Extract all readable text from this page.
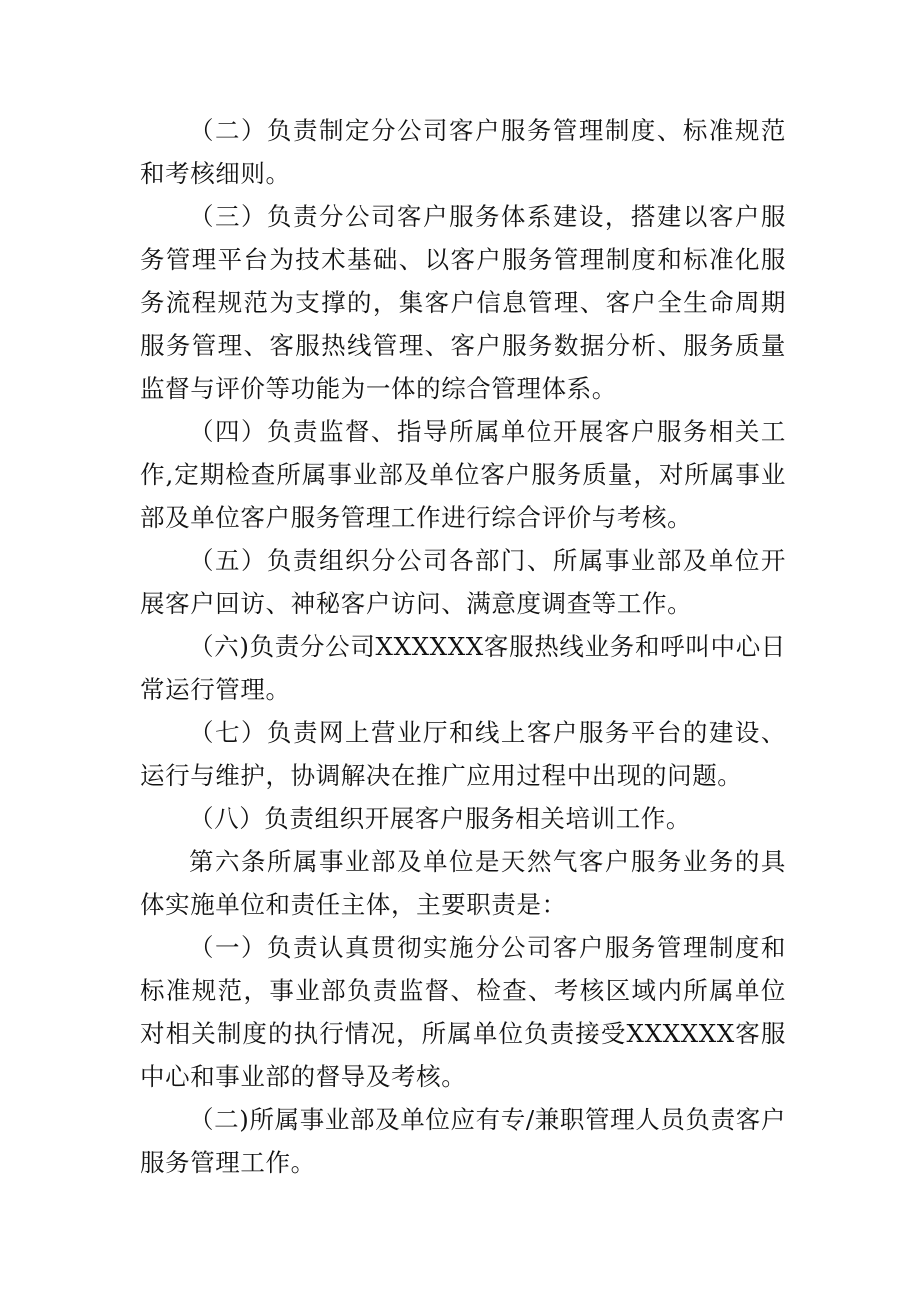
（二）负责制定分公司客户服务管理制度、标准规范和考核细则。

（三）负责分公司客户服务体系建设，搭建以客户服务管理平台为技术基础、以客户服务管理制度和标准化服务流程规范为支撑的，集客户信息管理、客户全生命周期服务管理、客服热线管理、客户服务数据分析、服务质量监督与评价等功能为一体的综合管理体系。

（四）负责监督、指导所属单位开展客户服务相关工作,定期检查所属事业部及单位客户服务质量，对所属事业部及单位客户服务管理工作进行综合评价与考核。

（五）负责组织分公司各部门、所属事业部及单位开展客户回访、神秘客户访问、满意度调查等工作。

（六)负责分公司XXXXXX客服热线业务和呼叫中心日常运行管理。

（七）负责网上营业厅和线上客户服务平台的建设、运行与维护，协调解决在推广应用过程中出现的问题。

（八）负责组织开展客户服务相关培训工作。

第六条所属事业部及单位是天然气客户服务业务的具体实施单位和责任主体，主要职责是：

（一）负责认真贯彻实施分公司客户服务管理制度和标准规范，事业部负责监督、检查、考核区域内所属单位对相关制度的执行情况，所属单位负责接受XXXXXX客服中心和事业部的督导及考核。

（二)所属事业部及单位应有专/兼职管理人员负责客户服务管理工作。
